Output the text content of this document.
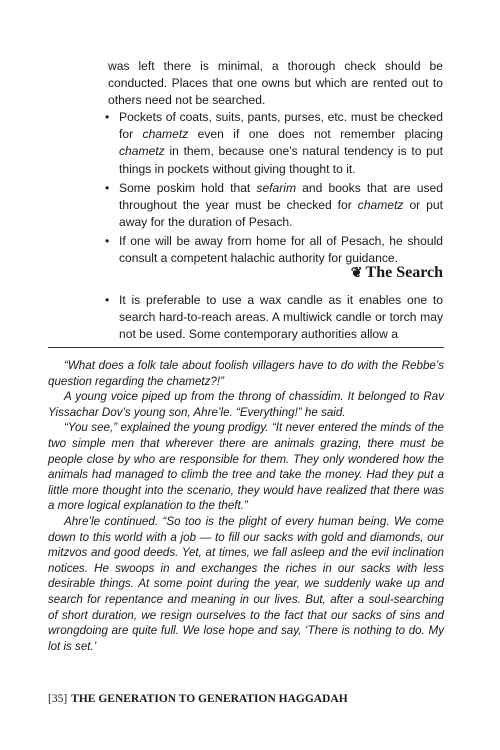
was left there is minimal, a thorough check should be conducted. Places that one owns but which are rented out to others need not be searched.

• Pockets of coats, suits, pants, purses, etc. must be checked for chametz even if one does not remember placing chametz in them, because one’s natural tendency is to put things in pockets without giving thought to it.
• Some poskim hold that sefarim and books that are used throughout the year must be checked for chametz or put away for the duration of Pesach.
• If one will be away from home for all of Pesach, he should consult a competent halachic authority for guidance.
❦ The Search
• It is preferable to use a wax candle as it enables one to search hard-to-reach areas. A multiwick candle or torch may not be used. Some contemporary authorities allow a

“What does a folk tale about foolish villagers have to do with the Rebbe’s question regarding the chametz?!”

A young voice piped up from the throng of chassidim. It belonged to Rav Yissachar Dov’s young son, Ahre’le. “Everything!” he said.

“You see,” explained the young prodigy. “It never entered the minds of the two simple men that wherever there are animals grazing, there must be people close by who are responsible for them. They only wondered how the animals had managed to climb the tree and take the money. Had they put a little more thought into the scenario, they would have realized that there was a more logical explanation to the theft.”

Ahre’le continued. “So too is the plight of every human being. We come down to this world with a job — to fill our sacks with gold and diamonds, our mitzvos and good deeds. Yet, at times, we fall asleep and the evil inclination notices. He swoops in and exchanges the riches in our sacks with less desirable things. At some point during the year, we suddenly wake up and search for repentance and meaning in our lives. But, after a soul-searching of short duration, we resign ourselves to the fact that our sacks of sins and wrongdoing are quite full. We lose hope and say, ‘There is nothing to do. My lot is set.’

[35] THE GENERATION TO GENERATION HAGGADAH
